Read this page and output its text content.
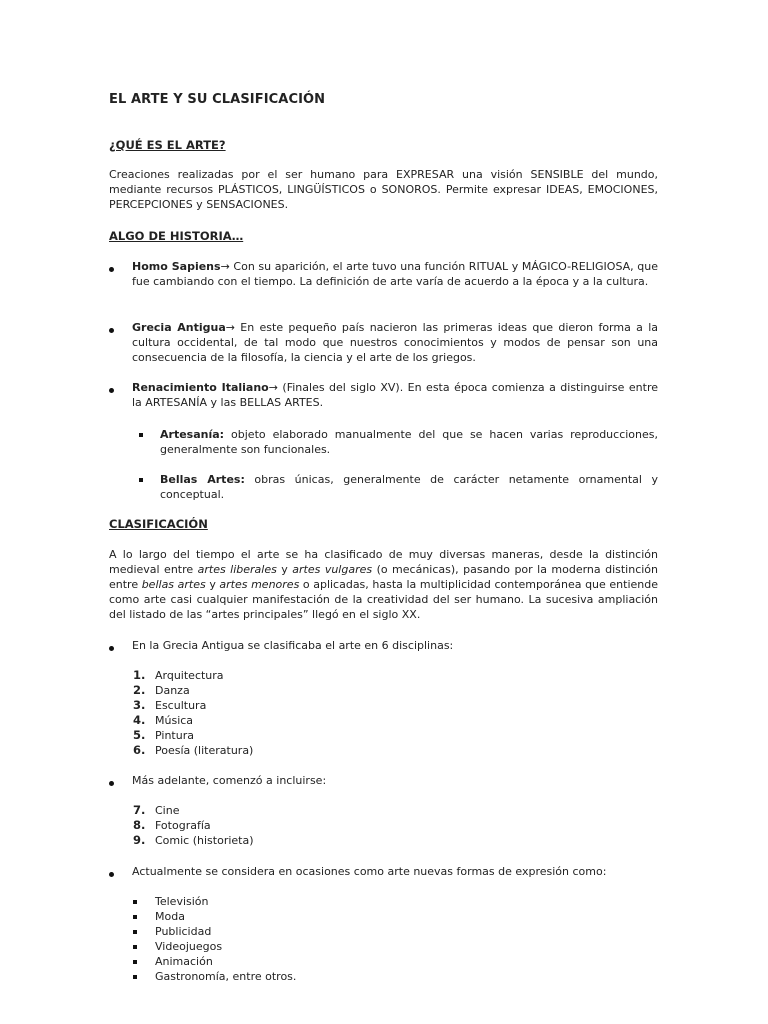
EL ARTE Y SU CLASIFICACIÓN
¿QUÉ ES EL ARTE?
Creaciones realizadas por el ser humano para EXPRESAR una visión SENSIBLE del mundo, mediante recursos PLÁSTICOS, LINGÜÍSTICOS o SONOROS. Permite expresar IDEAS, EMOCIONES, PERCEPCIONES y SENSACIONES.
ALGO DE HISTORIA…
Homo Sapiens→ Con su aparición, el arte tuvo una función RITUAL y MÁGICO-RELIGIOSA, que fue cambiando con el tiempo. La definición de arte varía de acuerdo a la época y a la cultura.
Grecia Antigua→ En este pequeño país nacieron las primeras ideas que dieron forma a la cultura occidental, de tal modo que nuestros conocimientos y modos de pensar son una consecuencia de la filosofía, la ciencia y el arte de los griegos.
Renacimiento Italiano→ (Finales del siglo XV). En esta época comienza a distinguirse entre la ARTESANÍA y las BELLAS ARTES.
Artesanía: objeto elaborado manualmente del que se hacen varias reproducciones, generalmente son funcionales.
Bellas Artes: obras únicas, generalmente de carácter netamente ornamental y conceptual.
CLASIFICACIÓN
A lo largo del tiempo el arte se ha clasificado de muy diversas maneras, desde la distinción medieval entre artes liberales y artes vulgares (o mecánicas), pasando por la moderna distinción entre bellas artes y artes menores o aplicadas, hasta la multiplicidad contemporánea que entiende como arte casi cualquier manifestación de la creatividad del ser humano. La sucesiva ampliación del listado de las “artes principales” llegó en el siglo XX.
En la Grecia Antigua se clasificaba el arte en 6 disciplinas:
1. Arquitectura
2. Danza
3. Escultura
4. Música
5. Pintura
6. Poesía (literatura)
Más adelante, comenzó a incluirse:
7. Cine
8. Fotografía
9. Comic (historieta)
Actualmente se considera en ocasiones como arte nuevas formas de expresión como:
Televisión
Moda
Publicidad
Videojuegos
Animación
Gastronomía, entre otros.
